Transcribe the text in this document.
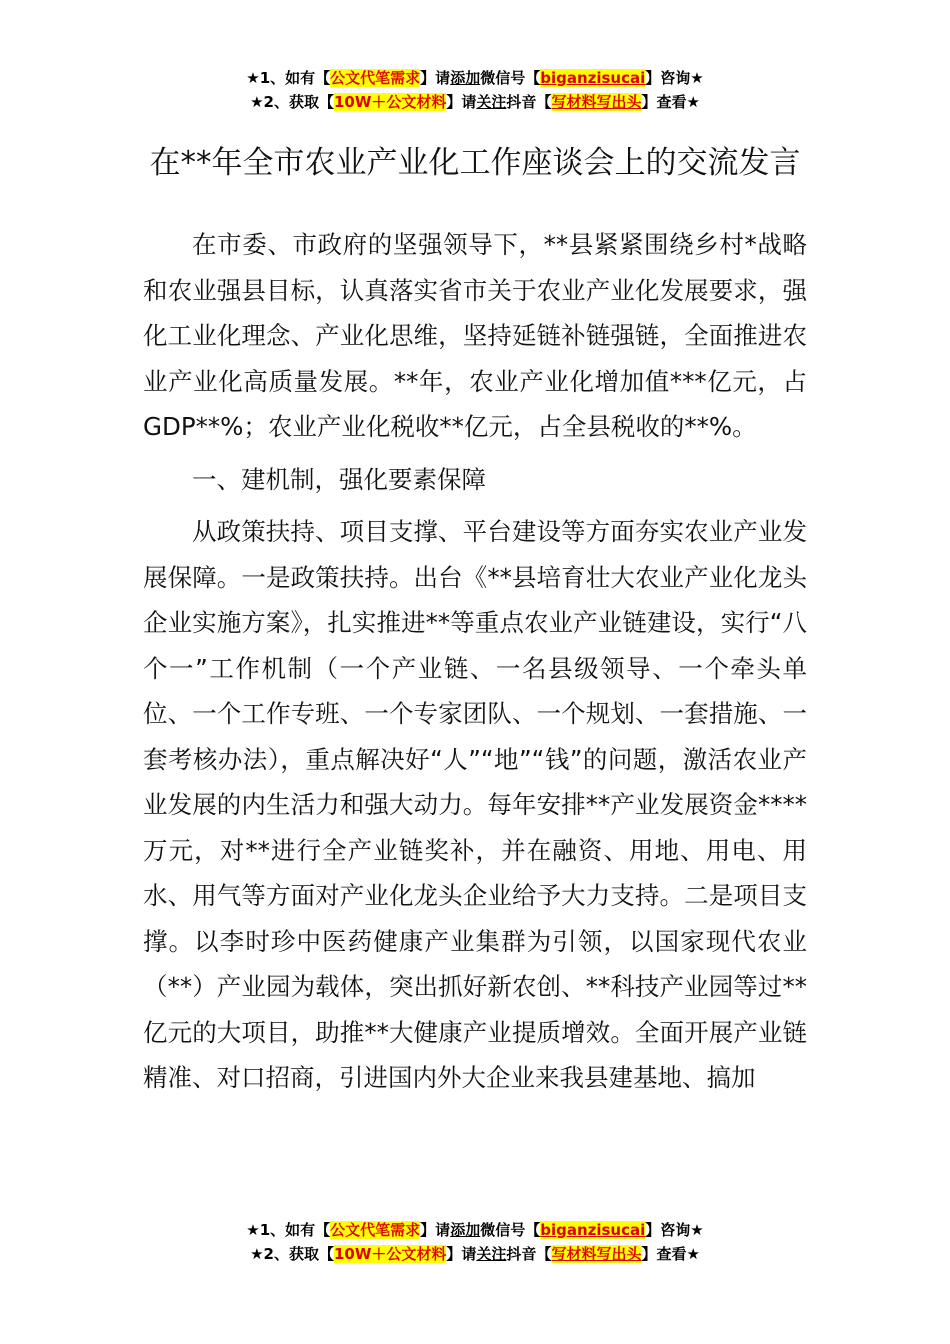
★1、如有【公文代笔需求】请添加微信号【biganzisucai】咨询★
★2、获取【10W＋公文材料】请关注抖音【写材料写出头】查看★
在**年全市农业产业化工作座谈会上的交流发言

在市委、市政府的坚强领导下，**县紧紧围绕乡村*战略和农业强县目标，认真落实省市关于农业产业化发展要求，强化工业化理念、产业化思维，坚持延链补链强链，全面推进农业产业化高质量发展。**年，农业产业化增加值***亿元，占GDP**%；农业产业化税收**亿元，占全县税收的**%。

一、建机制，强化要素保障

从政策扶持、项目支撑、平台建设等方面夯实农业产业发展保障。一是政策扶持。出台《**县培育壮大农业产业化龙头企业实施方案》，扎实推进**等重点农业产业链建设，实行“八个一”工作机制（一个产业链、一名县级领导、一个牵头单位、一个工作专班、一个专家团队、一个规划、一套措施、一套考核办法），重点解决好“人”“地”“钱”的问题，激活农业产业发展的内生活力和强大动力。每年安排**产业发展资金****万元，对**进行全产业链奖补，并在融资、用地、用电、用水、用气等方面对产业化龙头企业给予大力支持。二是项目支撑。以李时珍中医药健康产业集群为引领，以国家现代农业（**）产业园为载体，突出抓好新农创、**科技产业园等过**亿元的大项目，助推**大健康产业提质增效。全面开展产业链精准、对口招商，引进国内外大企业来我县建基地、搞加

★1、如有【公文代笔需求】请添加微信号【biganzisucai】咨询★
★2、获取【10W＋公文材料】请关注抖音【写材料写出头】查看★
